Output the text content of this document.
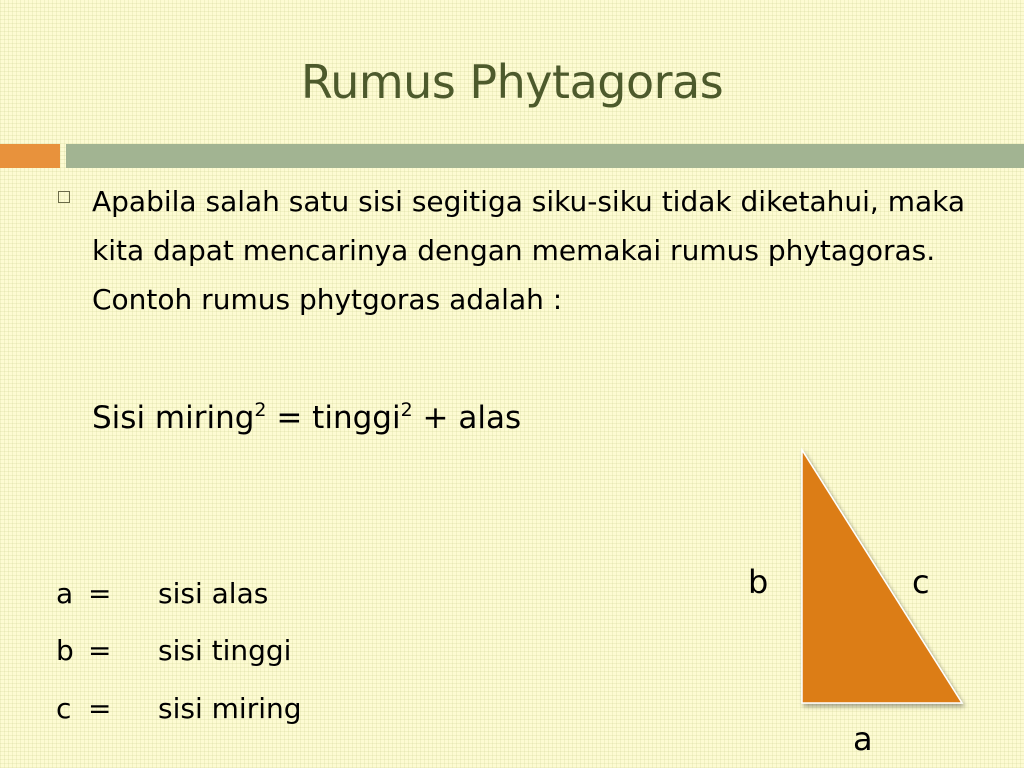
Rumus Phytagoras
Apabila salah satu sisi segitiga siku-siku tidak diketahui, maka kita dapat mencarinya dengan memakai rumus phytagoras. Contoh rumus phytgoras adalah :
Sisi miring$^2$ = tinggi$^2$ + alas
a = sisi alas
b = sisi tinggi
c = sisi miring
b	c
a
